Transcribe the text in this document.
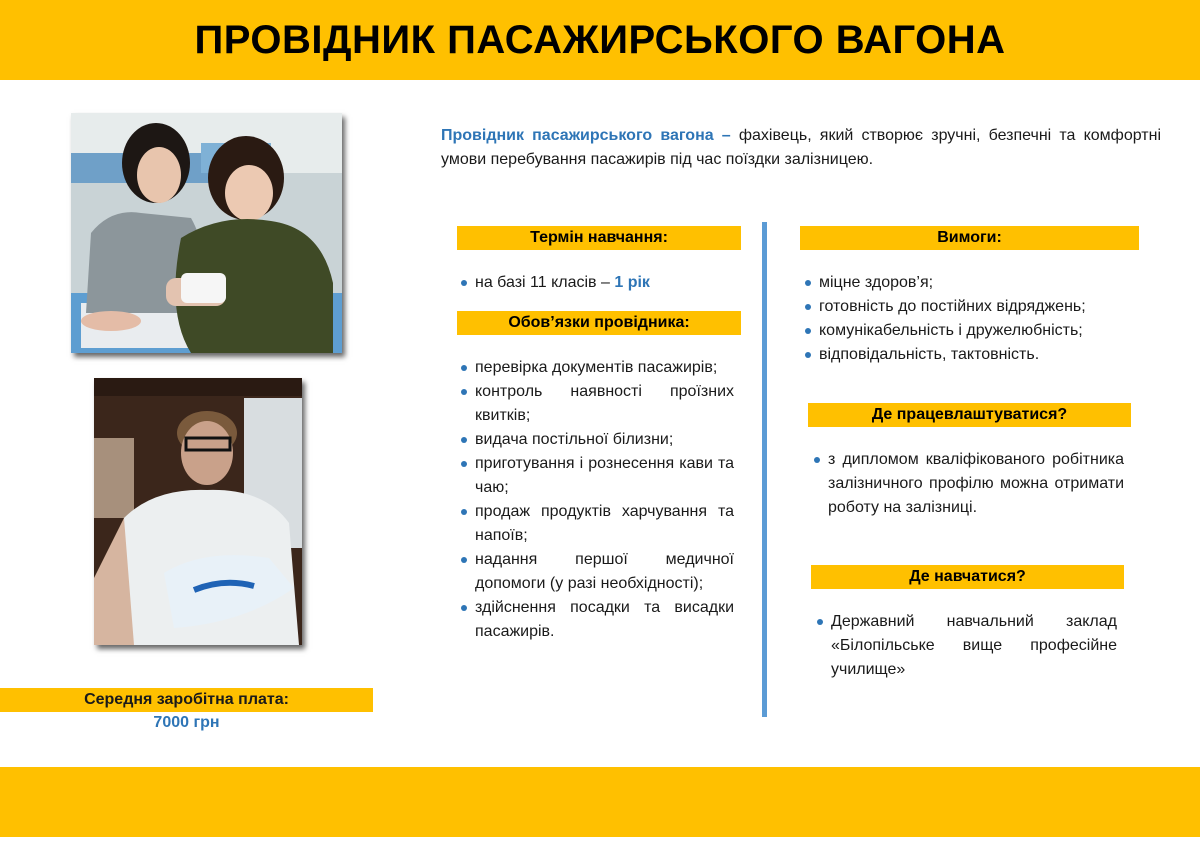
ПРОВІДНИК ПАСАЖИРСЬКОГО ВАГОНА
Провідник пасажирського вагона – фахівець, який створює зручні, безпечні та комфортні умови перебування пасажирів під час поїздки залізницею.
Термін навчання:
на базі 11 класів – 1 рік
Обов’язки провідника:
перевірка документів пасажирів;
контроль наявності проїзних квитків;
видача постільної білизни;
приготування і рознесення кави та чаю;
продаж продуктів харчування та напоїв;
надання першої медичної допомоги (у разі необхідності);
здійснення посадки та висадки пасажирів.
Вимоги:
міцне здоров’я;
готовність до постійних відряджень;
комунікабельність і дружелюбність;
відповідальність, тактовність.
Де працевлаштуватися?
з дипломом кваліфікованого робітника залізничного профілю можна отримати роботу на залізниці.
Де навчатися?
Державний навчальний заклад «Білопільське вище професійне училище»
Середня заробітна плата:
7000 грн
